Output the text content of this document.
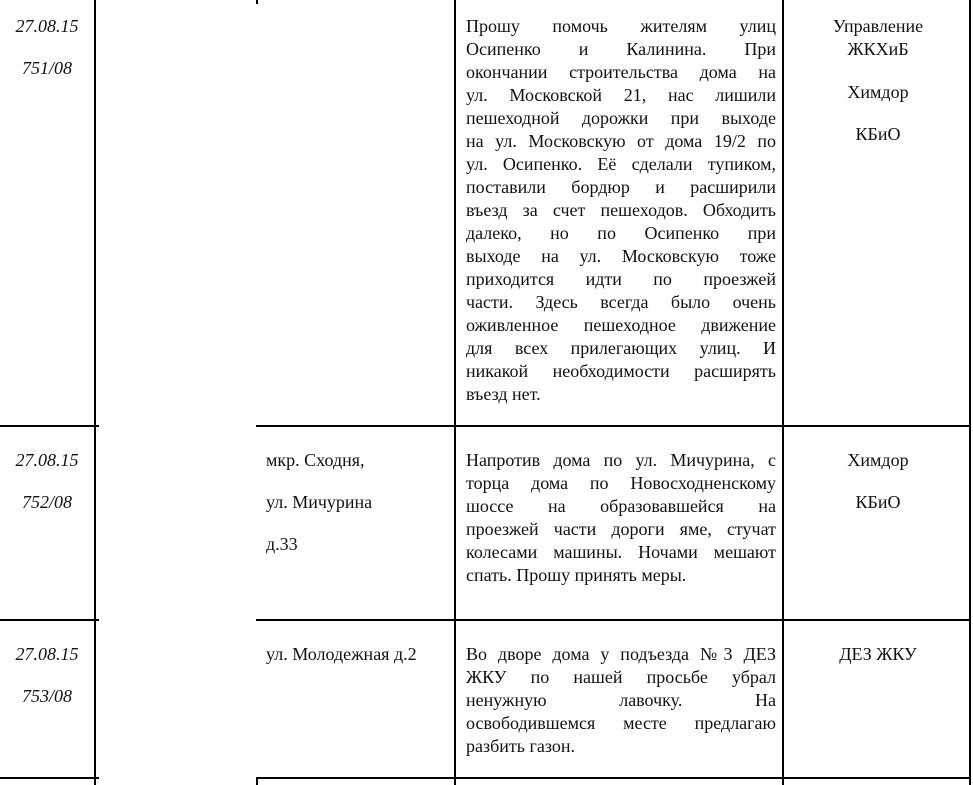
27.08.15
751/08
Прошу помочь жителям улиц
Осипенко и Калинина. При
окончании строительства дома на
ул. Московской 21, нас лишили
пешеходной дорожки при выходе
на ул. Московскую от дома 19/2 по
ул. Осипенко. Её сделали тупиком,
поставили бордюр и расширили
въезд за счет пешеходов. Обходить
далеко, но по Осипенко при
выходе на ул. Московскую тоже
приходится идти по проезжей
части. Здесь всегда было очень
оживленное пешеходное движение
для всех прилегающих улиц. И
никакой необходимости расширять
въезд нет.
Управление
ЖКХиБ
Химдор
КБиО
27.08.15
752/08
мкр. Сходня,
ул. Мичурина
д.33
Напротив дома по ул. Мичурина, с
торца дома по Новосходненскому
шоссе на образовавшейся на
проезжей части дороги яме, стучат
колесами машины. Ночами мешают
спать. Прошу принять меры.
Химдор
КБиО
27.08.15
753/08
ул. Молодежная д.2	Во дворе дома у подъезда №3 ДЕЗ
ЖКУ по нашей просьбе убрал
ненужную лавочку. На
освободившемся месте предлагаю
разбить газон.
ДЕЗ ЖКУ
